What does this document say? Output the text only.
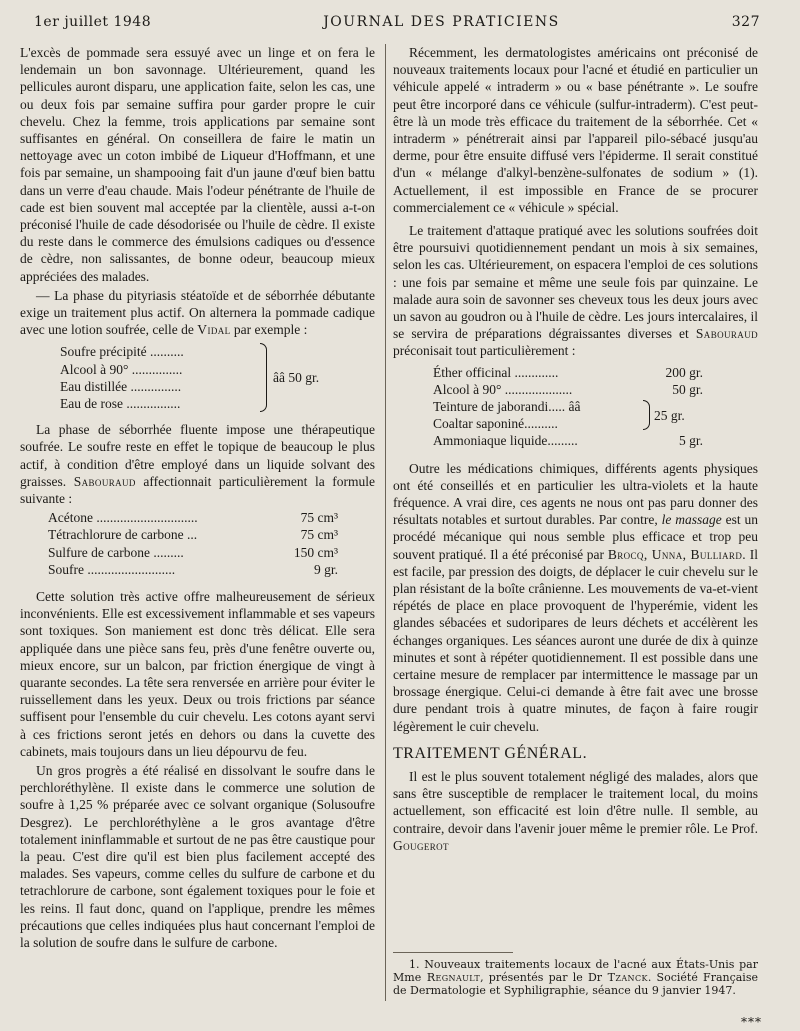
1er juillet 1948	JOURNAL DES PRATICIENS	327

L'excès de pommade sera essuyé avec un linge et on fera le lendemain un bon savonnage. Ultérieurement, quand les pellicules auront disparu, une application faite, selon les cas, une ou deux fois par semaine suffira pour garder propre le cuir chevelu. Chez la femme, trois applications par semaine sont suffisantes en général. On conseillera de faire le matin un nettoyage avec un coton imbibé de Liqueur d'Hoffmann, et une fois par semaine, un shampooing fait d'un jaune d'œuf bien battu dans un verre d'eau chaude. Mais l'odeur pénétrante de l'huile de cade est bien souvent mal acceptée par la clientèle, aussi a-t-on préconisé l'huile de cade désodorisée ou l'huile de cèdre. Il existe du reste dans le commerce des émulsions cadiques ou d'essence de cèdre, non salissantes, de bonne odeur, beaucoup mieux appréciées des malades.

— La phase du pityriasis stéatoïde et de séborrhée débutante exige un traitement plus actif. On alternera la pommade cadique avec une lotion soufrée, celle de Vidal par exemple :

Soufre précipité ..........
Alcool à 90° ...............
Eau distillée ...............
Eau de rose ................
ââ 50 gr.

La phase de séborrhée fluente impose une thérapeutique soufrée. Le soufre reste en effet le topique de beaucoup le plus actif, à condition d'être employé dans un liquide solvant des graisses. Sabouraud affectionnait particulièrement la formule suivante :

Acétone ..............................	75 cm³
Tétrachlorure de carbone ...	75 cm³
Sulfure de carbone .........	150 cm³
Soufre ..........................	9 gr.

Cette solution très active offre malheureusement de sérieux inconvénients. Elle est excessivement inflammable et ses vapeurs sont toxiques. Son maniement est donc très délicat. Elle sera appliquée dans une pièce sans feu, près d'une fenêtre ouverte ou, mieux encore, sur un balcon, par friction énergique de vingt à quarante secondes. La tête sera renversée en arrière pour éviter le ruissellement dans les yeux. Deux ou trois frictions par séance suffisent pour l'ensemble du cuir chevelu. Les cotons ayant servi à ces frictions seront jetés en dehors ou dans la cuvette des cabinets, mais toujours dans un lieu dépourvu de feu.

Un gros progrès a été réalisé en dissolvant le soufre dans le perchloréthylène. Il existe dans le commerce une solution de soufre à 1,25 % préparée avec ce solvant organique (Solusoufre Desgrez). Le perchloréthylène a le gros avantage d'être totalement ininflammable et surtout de ne pas être caustique pour la peau. C'est dire qu'il est bien plus facilement accepté des malades. Ses vapeurs, comme celles du sulfure de carbone et du tetrachlorure de carbone, sont également toxiques pour le foie et les reins. Il faut donc, quand on l'applique, prendre les mêmes précautions que celles indiquées plus haut concernant l'emploi de la solution de soufre dans le sulfure de carbone.

Récemment, les dermatologistes américains ont préconisé de nouveaux traitements locaux pour l'acné et étudié en particulier un véhicule appelé « intraderm » ou « base pénétrante ». Le soufre peut être incorporé dans ce véhicule (sulfur-intraderm). C'est peut-être là un mode très efficace du traitement de la séborrhée. Cet « intraderm » pénétrerait ainsi par l'appareil pilo-sébacé jusqu'au derme, pour être ensuite diffusé vers l'épiderme. Il serait constitué d'un « mélange d'alkyl-benzène-sulfonates de sodium » (1). Actuellement, il est impossible en France de se procurer commercialement ce « véhicule » spécial.

Le traitement d'attaque pratiqué avec les solutions soufrées doit être poursuivi quotidiennement pendant un mois à six semaines, selon les cas. Ultérieurement, on espacera l'emploi de ces solutions : une fois par semaine et même une seule fois par quinzaine. Le malade aura soin de savonner ses cheveux tous les deux jours avec un savon au goudron ou à l'huile de cèdre. Les jours intercalaires, il se servira de préparations dégraissantes diverses et Sabouraud préconisait tout particulièrement :

Éther officinal .............	200 gr.
Alcool à 90° ....................	50 gr.
Teinture de jaborandi..... ââ
Coaltar saponiné..........
25 gr.
Ammoniaque liquide.........	5 gr.

Outre les médications chimiques, différents agents physiques ont été conseillés et en particulier les ultra-violets et la haute fréquence. A vrai dire, ces agents ne nous ont pas paru donner des résultats notables et surtout durables. Par contre, le massage est un procédé mécanique qui nous semble plus efficace et trop peu souvent pratiqué. Il a été préconisé par Brocq, Unna, Bulliard. Il est facile, par pression des doigts, de déplacer le cuir chevelu sur le plan résistant de la boîte crânienne. Les mouvements de va-et-vient répétés de place en place provoquent de l'hyperémie, vident les glandes sébacées et sudoripares de leurs déchets et accélèrent les échanges organiques. Les séances auront une durée de dix à quinze minutes et sont à répéter quotidiennement. Il est possible dans une certaine mesure de remplacer par intermittence le massage par un brossage énergique. Celui-ci demande à être fait avec une brosse dure pendant trois à quatre minutes, de façon à faire rougir légèrement le cuir chevelu.

TRAITEMENT GÉNÉRAL.

Il est le plus souvent totalement négligé des malades, alors que sans être susceptible de remplacer le traitement local, du moins actuellement, son efficacité est loin d'être nulle. Il semble, au contraire, devoir dans l'avenir jouer même le premier rôle. Le Prof. Gougerot

1. Nouveaux traitements locaux de l'acné aux États-Unis par Mme Regnault, présentés par le Dr Tzanck. Société Française de Dermatologie et Syphiligraphie, séance du 9 janvier 1947.

***
